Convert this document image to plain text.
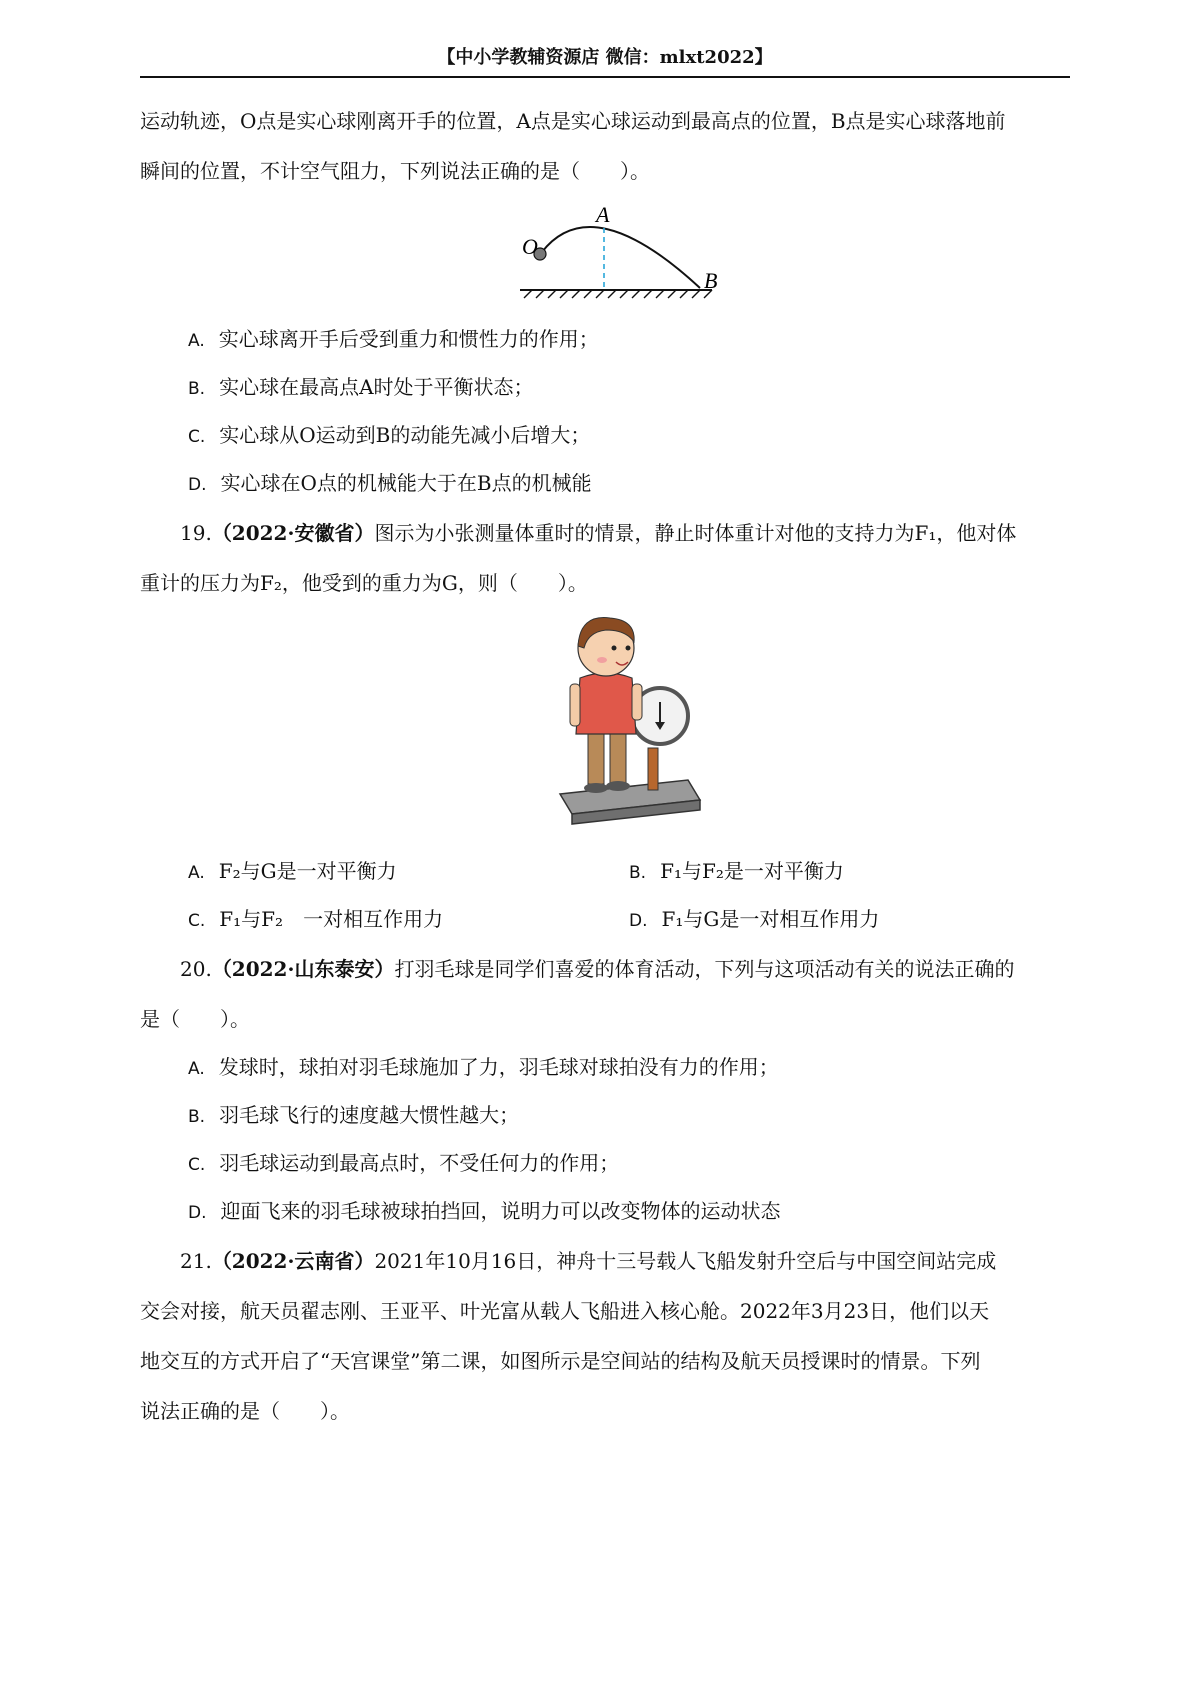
【中小学教辅资源店 微信：mlxt2022】

运动轨迹，O点是实心球刚离开手的位置，A点是实心球运动到最高点的位置，B点是实心球落地前

瞬间的位置，不计空气阻力，下列说法正确的是（　　）。

O
A
B

A. 实心球离开手后受到重力和惯性力的作用；

B. 实心球在最高点A时处于平衡状态；

C. 实心球从O运动到B的动能先减小后增大；

D. 实心球在O点的机械能大于在B点的机械能

19.（2022·安徽省）图示为小张测量体重时的情景，静止时体重计对他的支持力为F₁，他对体

重计的压力为F₂，他受到的重力为G，则（　　）。

A. F₂与G是一对平衡力	B. F₁与F₂是一对平衡力
C. F₁与F₂　一对相互作用力	D. F₁与G是一对相互作用力

20.（2022·山东泰安）打羽毛球是同学们喜爱的体育活动，下列与这项活动有关的说法正确的

是（　　）。

A. 发球时，球拍对羽毛球施加了力，羽毛球对球拍没有力的作用；

B. 羽毛球飞行的速度越大惯性越大；

C. 羽毛球运动到最高点时，不受任何力的作用；

D. 迎面飞来的羽毛球被球拍挡回，说明力可以改变物体的运动状态

21.（2022·云南省）2021年10月16日，神舟十三号载人飞船发射升空后与中国空间站完成

交会对接，航天员翟志刚、王亚平、叶光富从载人飞船进入核心舱。2022年3月23日，他们以天

地交互的方式开启了“天宫课堂”第二课，如图所示是空间站的结构及航天员授课时的情景。下列

说法正确的是（　　）。
